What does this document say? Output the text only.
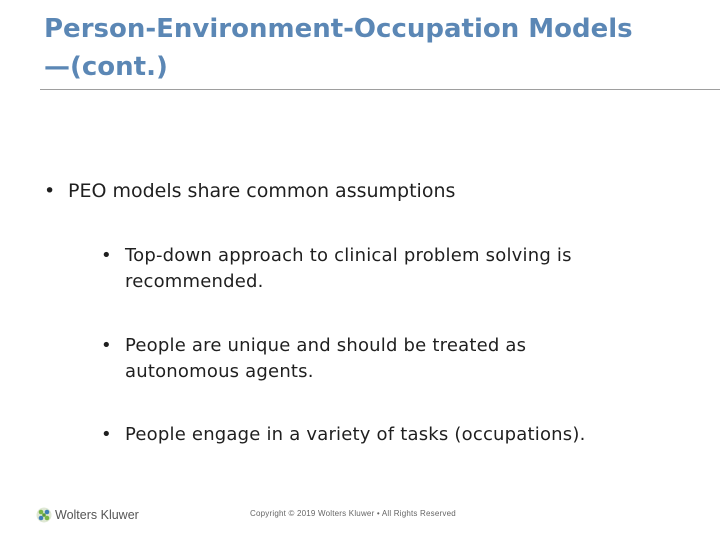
Person-Environment-Occupation Models
—(cont.)
• PEO models share common assumptions
• Top-down approach to clinical problem solving is recommended.
• People are unique and should be treated as autonomous agents.
• People engage in a variety of tasks (occupations).
Wolters Kluwer	Copyright © 2019 Wolters Kluwer • All Rights Reserved
